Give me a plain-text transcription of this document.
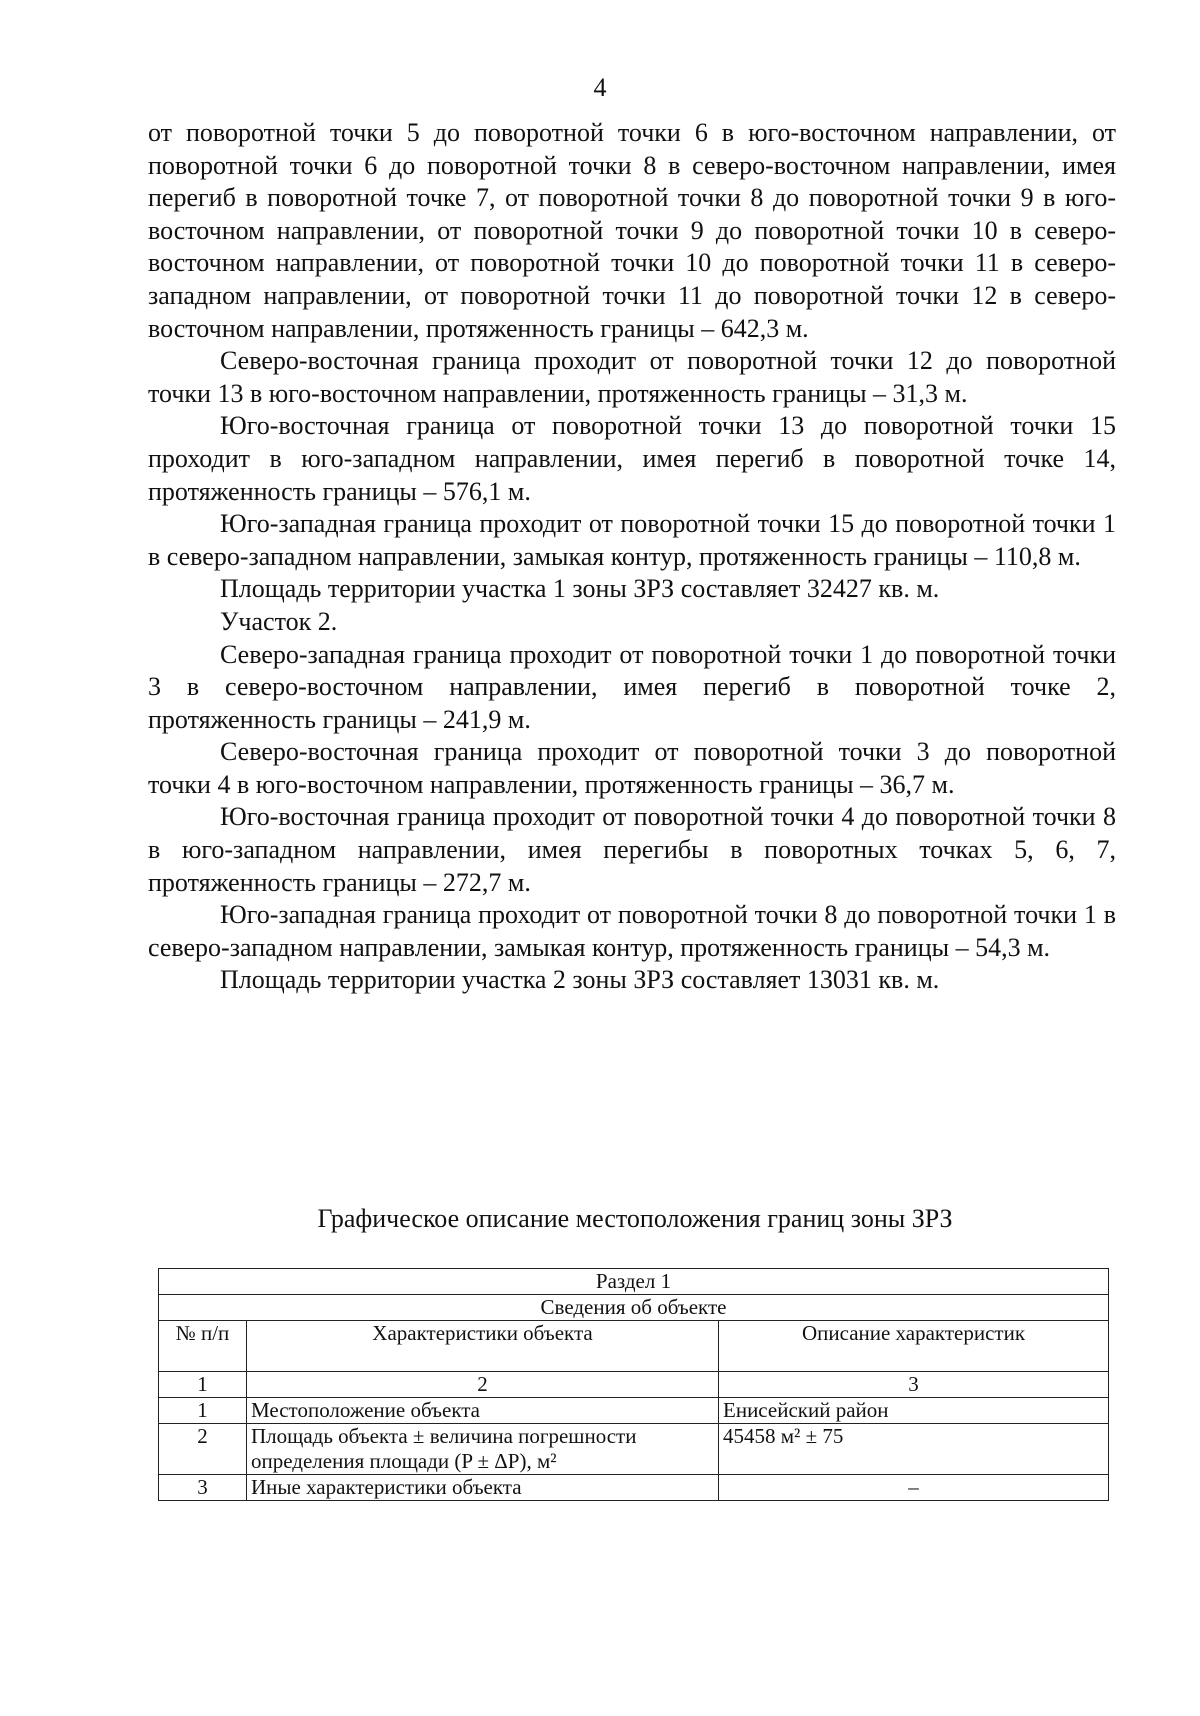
4

от поворотной точки 5 до поворотной точки 6 в юго-восточном направлении, от поворотной точки 6 до поворотной точки 8 в северо-восточном направлении, имея перегиб в поворотной точке 7, от поворотной точки 8 до поворотной точки 9 в юго-восточном направлении, от поворотной точки 9 до поворотной точки 10 в северо-восточном направлении, от поворотной точки 10 до поворотной точки 11 в северо-западном направлении, от поворотной точки 11 до поворотной точки 12 в северо-восточном направлении, протяженность границы – 642,3 м.

Северо-восточная граница проходит от поворотной точки 12 до поворотной точки 13 в юго-восточном направлении, протяженность границы – 31,3 м.

Юго-восточная граница от поворотной точки 13 до поворотной точки 15 проходит в юго-западном направлении, имея перегиб в поворотной точке 14, протяженность границы – 576,1 м.

Юго-западная граница проходит от поворотной точки 15 до поворотной точки 1 в северо-западном направлении, замыкая контур, протяженность границы – 110,8 м.

Площадь территории участка 1 зоны ЗРЗ составляет 32427 кв. м.

Участок 2.

Северо-западная граница проходит от поворотной точки 1 до поворотной точки 3 в северо-восточном направлении, имея перегиб в поворотной точке 2, протяженность границы – 241,9 м.

Северо-восточная граница проходит от поворотной точки 3 до поворотной точки 4 в юго-восточном направлении, протяженность границы – 36,7 м.

Юго-восточная граница проходит от поворотной точки 4 до поворотной точки 8 в юго-западном направлении, имея перегибы в поворотных точках 5, 6, 7, протяженность границы – 272,7 м.

Юго-западная граница проходит от поворотной точки 8 до поворотной точки 1 в северо-западном направлении, замыкая контур, протяженность границы – 54,3 м.

Площадь территории участка 2 зоны ЗРЗ составляет 13031 кв. м.

Графическое описание местоположения границ зоны ЗРЗ
Раздел 1		
Сведения об объекте		
№ п/п	Характеристики объекта	Описание характеристик
1	2	3
1	Местоположение объекта	Енисейский район
2	Площадь объекта ± величина погрешности определения площади (P ± ΔP), м²	45458 м² ± 75
3	Иные характеристики объекта	–
